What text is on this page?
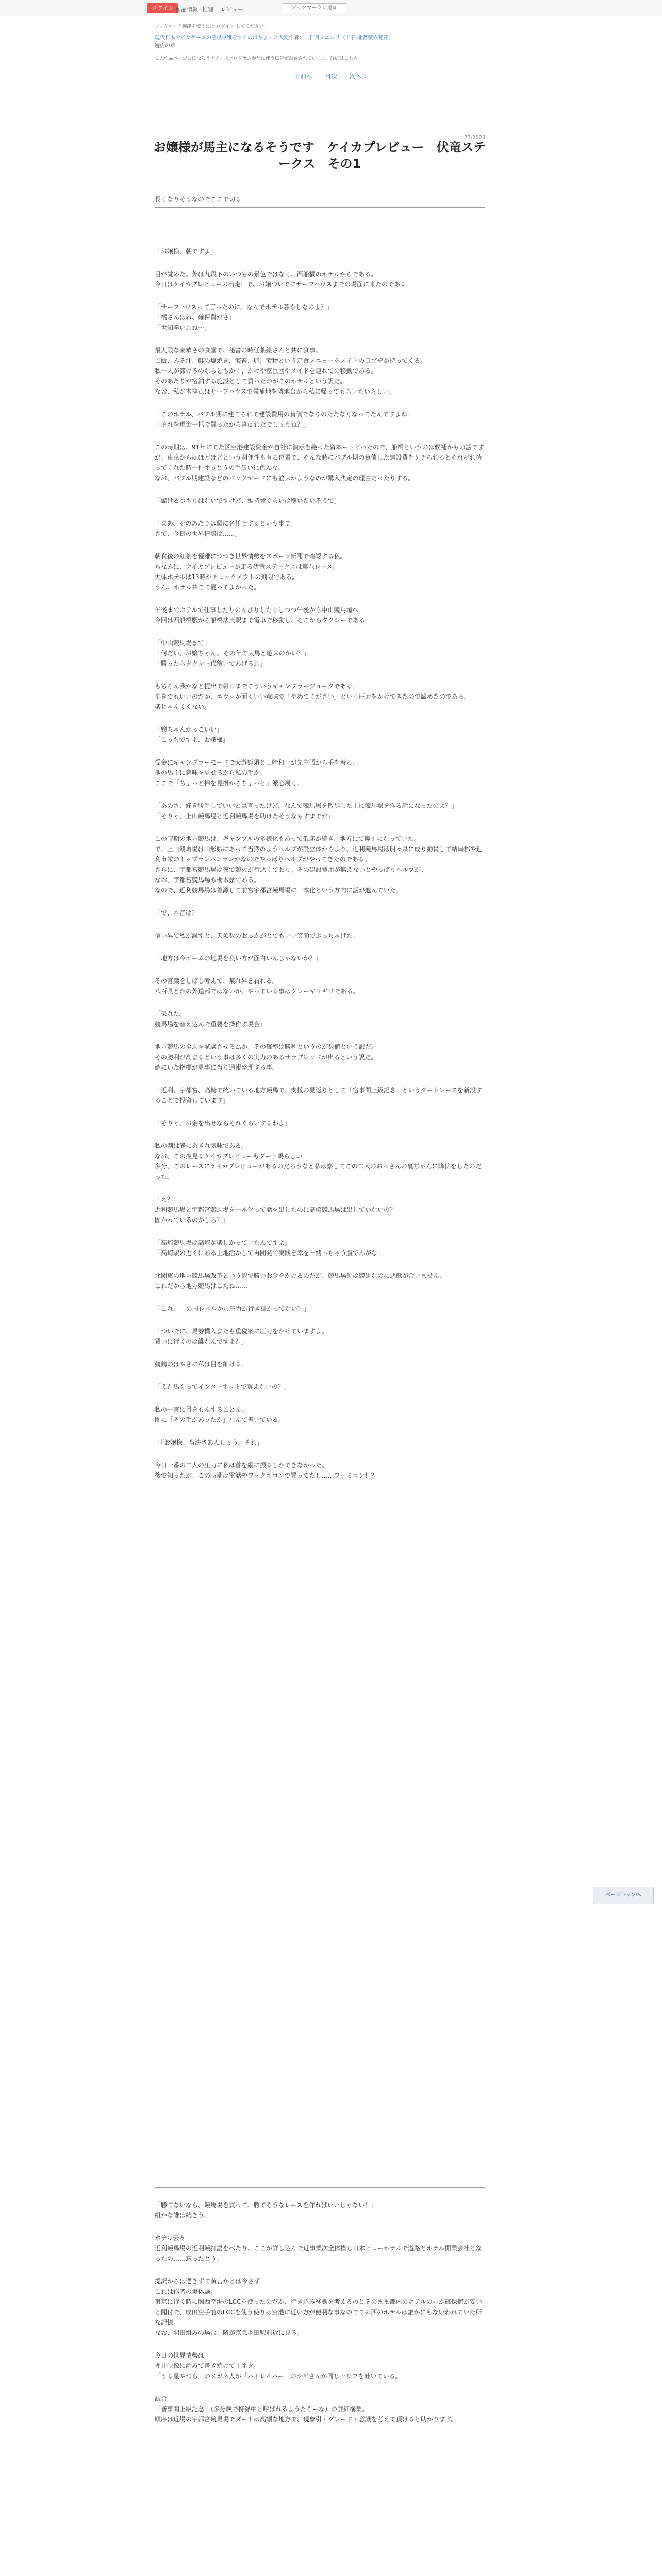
ログイン 作品情報 推理 レビュー	ブックマークに追加
ブックマーク機能を使うには ログイン してください。
現代日本で乙女ゲームの悪役令嬢をするのはちょっと大変 作者： 二日月ミエルラ（旧名:北薔薇六花荘）
遊佐の章
この作品ページにはなろうチアーズプログラム参加に伴う広告が設置されています。詳細はこちら
＜前へ 目次 次へ＞
77/2023
お嬢様が馬主になるそうです　ケイカプレビュー　伏竜ステークス　その1
長くなりそうなのでここで切る

「お嬢様、朝ですよ」

目が覚めた。外は九段下のいつもの景色ではなく、西船橋のホテルからである。
今日はケイカプレビューの出走日で、お嬢ついでにサーフハウスまでの場面に来たのである。

「サーフハウスって言ったのに、なんでホテル暮らしなのよ？」
「橘さんはね、確保費がさ」
「世知辛いわね～」

最大限な豪華さの食堂で、秘書の時任茶絵さんと共に食事。
ご飯、みそ汁、鮭の塩焼き、海苔、卵、漬物という定食メニューをメイドの口ブヂが持ってくる。
私一人が滞けるのならともかく、かけや家臣団やメイドを連れての移動である。
そのあたりが宿泊する施設として買ったのがこのホテルという訳だ。
なお、私が本拠点はサーフハウスで候補地を隣地台から私に帰ってもらいたいらしい。

「このホテル、バブル期に建てられて建設費用の負債でなりのたたなくなってたんですよね」
「それを現金一括で買ったから喜ばれたでしょうね？」

この時期は、91年にてた区空港建設資金が自社に演示を絶った資本ートピったので、船橋というのは候補かもの話ですが。東京からはほどほどという利便性も有る位置で、そんな時にバブル期の負債した建設費をケチられるとそれぞれ持ってくれた時一件ずっとうの手伝いに色んな。
なお、バブル期建設などのバックヤードにも並ぶかようなのが購入決定の理由だったりする。

「儲けるつもりはないですけど、維持費ぐらいは稼いたいそうで」

「まあ、そのあたりは個に名任せするという事で。
さて、今日の世界情勢は……」

朝食後の紅茶を優雅につつき世界情勢をスポーツ新聞で確認する私。
ちなみに、ケイカプレビューが走る伏竜ステークスは第八レース。
大体ホテルは13時がチェックアウトの刻限である。
うん、ホテル共こて夏ってよかった。

午後までホテルで仕事したりのんびりしたりしつつ午後から中山競馬場へ。
今回は西船橋駅から船橋法典駅まで電車で移動し、そこからタクシーである。

「中山競馬場まで」
「何だい、お嬢ちゃん。その年で大馬と遊ぶのかい？」
「勝ったらタクシー代稼いであげるわ」

もちろん我かなと提出で報日までこういうギャンブラージョークである。
歩きでもいいのだが、エヴァが面くいい意味で「やめてください」という圧力をかけてきたので諦めたのである。
楽じゃんくくない。

「嬢ちゃんかっこいい」
「こっちですよ、お嬢様」

受金にギャンプラーモードで天遊態須と田崎和一が先主張から手を着る。
他の馬主に意味を見せるから私の手か。
ここで『ちょっと掃を見掛からちょっと』派心展く。

「あのさ、好き勝手していいとは言ったけど。なんで競馬場を散歩した上に競馬場を作る話になったのよ？」
「そりゃ、上山競馬場と近利競馬場を助けたそうなもすまでが」

この時期の地方競馬は、ギャンブルの多様化もあって低迷が続き、地方にて廃止になっていた。
で、上山競馬場は山形県にあって当然のようヘルプが設立体からより、近利競馬場は船々県に成り動員して結局郡や近利市栄のトップランパンランかなのでやっぱりヘルプがやってきたのである。
さらに、宇都宮競馬場は夜で競火が行悪くており。その建設費用が無えないとやっぱりヘルプが。
なお、宇都宮競馬場も栃木県である。
なので、近利競馬場は首源して前宮宇都宮競馬場に一本化という方向に話が進んでいた。

「で、本音は？」

信い昇で私が誤すと、天須数のおっかがとてもいい笑顔でぶっちゃけた。

「地方は今ゲームの地場を良い方が面白いんじゃないか？」

その言葉をしばし考えて、某れ昇を右れる。
八百長とかの外道部ではないが、やっている事はグレーギリギリである。

「染れた。
競馬場を替え込んで重要を操作す場合」

地方競馬の全馬を試験させる為か、その確率は勝利というのが数値という訳だ。
その勝利が高まるという事は多くの実力のあるサラブレッドが出るという訳だ。
確にいた指標が見事に当り通報整理する事。

「近利、宇都宮、高崎で統いている地方競馬で、支援の見返りとして「宿事問上級記念」というダートレースを新設することで投資しています」

「そりゃ、お金を出せならそれぐらいするわよ」

私の割は静にあきれ気味である。
なお、この換見るケイカプレビューもダート馬らしい。
多分、このレースにケイカプレビューがあるのだろうなと私は察してこの二人のおっさんの裏ぢゃんに降伏をしたのだった。

「え？
近利競馬場と宇都宮競馬場を一本化って話を出したのに高崎競馬場は出していないの？
固かっているのかしら？」

「高崎競馬場は高崎が楽しかっていたんですよ」
「高崎駅の近くにある土地活かして再開発で実践を幸を一緒っちゃう腹でんがな」

北関東の地方競馬場改革という訳で勝いお金をかけるのだが、競馬場側は競組なのに悪態が合いません。
これだから地方競馬はこたね……

「これ、上の国レベルから圧力が行き掛かってない？」

「ついでに、馬券構入またも重税案に圧力をかけていますよ。
買いに行くのは誰なんですよ？」

競鶴のはやさに私は目を細ける。

「え？馬券ってインターネットで買えないの？」

私の一言に目をもんすることん。
圏に「その手があったか」なんて書いている。

「『お嬢様、当決さあんしょう。それ」

今日一番の二人の圧力に私は首を縦に振るしかできなかった。
後で知ったが、この時期は電話やファクネコンで買ってたし……ファミコン！？

「勝てないなら、競馬場を買って、勝てそうなレースを作ればいいじゃない！」
組かな誰は続きう。

ホテル云々
近利競馬場の近利競打語をベたり、ここが詳し込んで近事業次全体措し日本ビューホテルで遊路とホテル開業会社となったの……忘ったとう。

提訳からは過ぎずて黄言かとは今さず
これは作者の実体験。
東京に行く時に関西空港のLCCを使ったのだが、行き込み移動を考えるのとそのまま都内のホテルの方が確保値が安いと聞付で、成田空手前のLCCを使う使りは空港に近い方が便利な事なのでこの西のホテルは誰かにもないわれていた所な記憶。
なお、羽田組みの場合、隣が京急羽田駅前近に見る。

今日の世界情勢は
押井映像に話みて書き続けて十ネタ。
「うる星やつら」のメガネ人が「パトレイバー」のシゲさんが同じセリフを吐いている。

試合
「皆事問上級記念」（多分歳で持縁中と呼ばれるようたろーな）の詳細構業。
順序は近場の宇都宮競馬場でダートは高額な地方で、現象引・グレード・意識を考えて頂けると助かります。

ページトップへ
